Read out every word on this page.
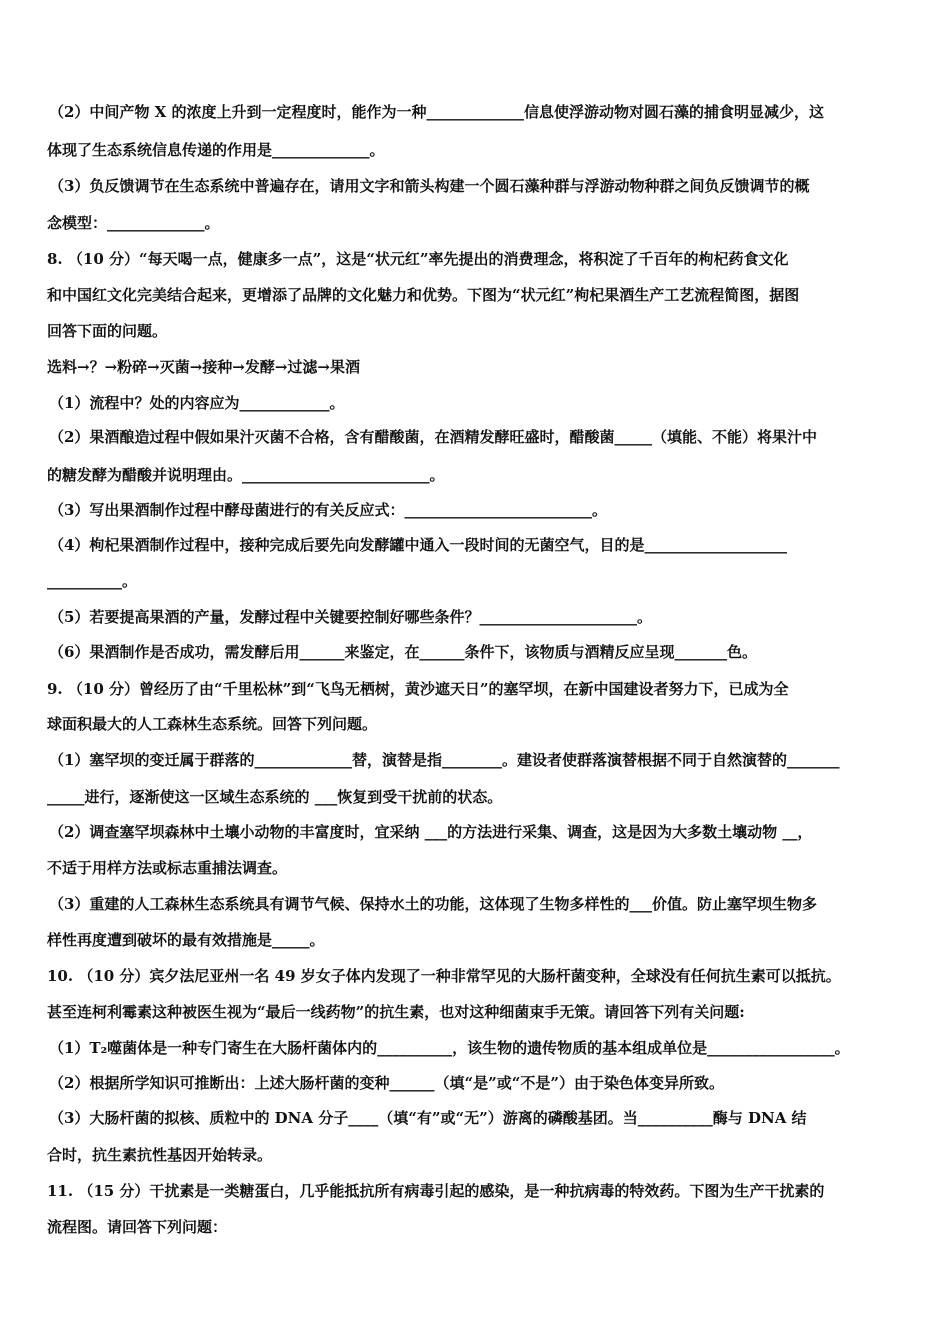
（2）中间产物 X 的浓度上升到一定程度时，能作为一种_____________信息使浮游动物对圆石藻的捕食明显减少，这
体现了生态系统信息传递的作用是_____________。
（3）负反馈调节在生态系统中普遍存在，请用文字和箭头构建一个圆石藻种群与浮游动物种群之间负反馈调节的概
念模型：_____________。
8. （10 分）“每天喝一点，健康多一点”，这是“状元红”率先提出的消费理念，将积淀了千百年的枸杞药食文化
和中国红文化完美结合起来，更增添了品牌的文化魅力和优势。下图为“状元红”枸杞果酒生产工艺流程简图，据图
回答下面的问题。
选料→？→粉碎→灭菌→接种→发酵→过滤→果酒
（1）流程中？处的内容应为____________。
（2）果酒酿造过程中假如果汁灭菌不合格，含有醋酸菌，在酒精发酵旺盛时，醋酸菌_____（填能、不能）将果汁中
的糖发酵为醋酸并说明理由。_________________________。
（3）写出果酒制作过程中酵母菌进行的有关反应式：_________________________。
（4）枸杞果酒制作过程中，接种完成后要先向发酵罐中通入一段时间的无菌空气，目的是___________________
__________。
（5）若要提高果酒的产量，发酵过程中关键要控制好哪些条件？_____________________。
（6）果酒制作是否成功，需发酵后用______来鉴定，在______条件下，该物质与酒精反应呈现_______色。
9. （10 分）曾经历了由“千里松林”到“飞鸟无栖树，黄沙遮天日”的塞罕坝，在新中国建设者努力下，已成为全
球面积最大的人工森林生态系统。回答下列问题。
（1）塞罕坝的变迁属于群落的_____________替，演替是指________。建设者使群落演替根据不同于自然演替的_______
_____进行，逐渐使这一区域生态系统的 ___恢复到受干扰前的状态。
（2）调查塞罕坝森林中土壤小动物的丰富度时，宜采纳 ___的方法进行采集、调查，这是因为大多数土壤动物 __，
不适于用样方法或标志重捕法调查。
（3）重建的人工森林生态系统具有调节气候、保持水土的功能，这体现了生物多样性的___价值。防止塞罕坝生物多
样性再度遭到破坏的最有效措施是_____。
10. （10 分）宾夕法尼亚州一名 49 岁女子体内发现了一种非常罕见的大肠杆菌变种，全球没有任何抗生素可以抵抗。
甚至连柯利霉素这种被医生视为“最后一线药物”的抗生素，也对这种细菌束手无策。请回答下列有关问题:
（1）T₂噬菌体是一种专门寄生在大肠杆菌体内的__________，该生物的遗传物质的基本组成单位是_________________。
（2）根据所学知识可推断出：上述大肠杆菌的变种______（填“是”或“不是”）由于染色体变异所致。
（3）大肠杆菌的拟核、质粒中的 DNA 分子____（填“有”或“无”）游离的磷酸基团。当__________酶与 DNA 结
合时，抗生素抗性基因开始转录。
11. （15 分）干扰素是一类糖蛋白，几乎能抵抗所有病毒引起的感染，是一种抗病毒的特效药。下图为生产干扰素的
流程图。请回答下列问题：
